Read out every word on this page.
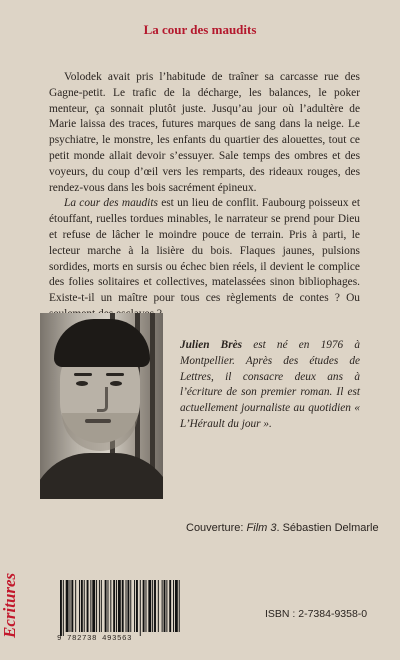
La cour des maudits

Volodek avait pris l’habitude de traîner sa carcasse rue des Gagne-petit. Le trafic de la décharge, les balances, le poker menteur, ça sonnait plutôt juste. Jusqu’au jour où l’adultère de Marie laissa des traces, futures marques de sang dans la neige. Le psychiatre, le monstre, les enfants du quartier des alouettes, tout ce petit monde allait devoir s’essuyer. Sale temps des ombres et des voyeurs, du coup d’œil vers les remparts, des rideaux rouges, des rendez-vous dans les bois sacrément épineux.

La cour des maudits est un lieu de conflit. Faubourg poisseux et étouffant, ruelles tordues minables, le narrateur se prend pour Dieu et refuse de lâcher le moindre pouce de terrain. Pris à parti, le lecteur marche à la lisière du bois. Flaques jaunes, pulsions sordides, morts en sursis ou échec bien réels, il devient le complice des folies solitaires et collectives, matelassées sinon bibliophages. Existe-t-il un maître pour tous ces règlements de contes ? Ou

Julien Brès est né en 1976 à Montpellier. Après des études de Lettres, il consacre deux ans à l’écriture de son premier roman. Il est actuellement journaliste au quotidien « L’Hérault du jour ».

Couverture: Film 3. Sébastien Delmarle
Ecritures
9 782738 493563
ISBN : 2-7384-9358-0
